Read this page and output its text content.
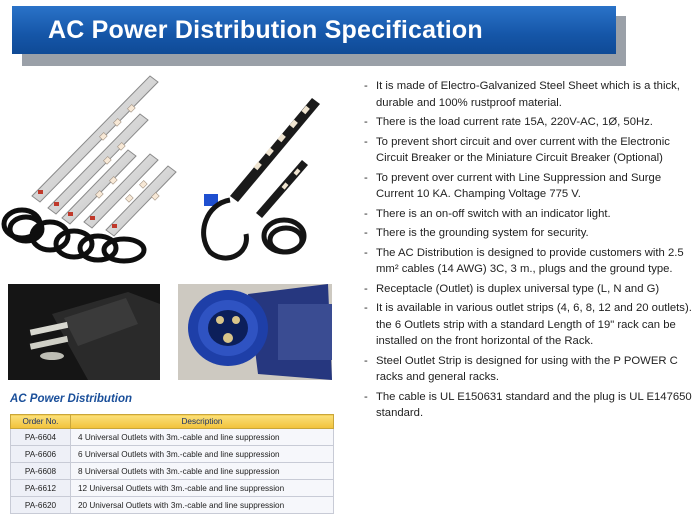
AC Power Distribution Specification
- It is made of Electro-Galvanized Steel Sheet which is a thick, durable and 100% rustproof material.
- There is the load current rate 15A, 220V-AC, 1Ø, 50Hz.
- To prevent short circuit and over current with the Electronic Circuit Breaker or the Miniature Circuit Breaker (Optional)
- To prevent over current with Line Suppression and Surge Current 10 KA. Champing Voltage 775 V.
- There is an on-off switch with an indicator light.
- There is the grounding system for security.
- The AC Distribution is designed to provide customers with 2.5 mm² cables (14 AWG) 3C, 3 m., plugs and the ground type.
- Receptacle (Outlet) is duplex universal type (L, N and G)
- It is available in various outlet strips (4, 6, 8, 12 and 20 outlets). the 6 Outlets strip with a standard Length of 19" rack can be installed on the front horizontal of the Rack.
- Steel Outlet Strip is designed for using with the P POWER C racks and general racks.
- The cable is UL E150631 standard and the plug is UL E147650 standard.
AC Power Distribution
Order No.	Description
PA-6604	4 Universal Outlets with 3m.-cable and line suppression
PA-6606	6 Universal Outlets with 3m.-cable and line suppression
PA-6608	8 Universal Outlets with 3m.-cable and line suppression
PA-6612	12 Universal Outlets with 3m.-cable and line suppression
PA-6620	20 Universal Outlets with 3m.-cable and line suppression
